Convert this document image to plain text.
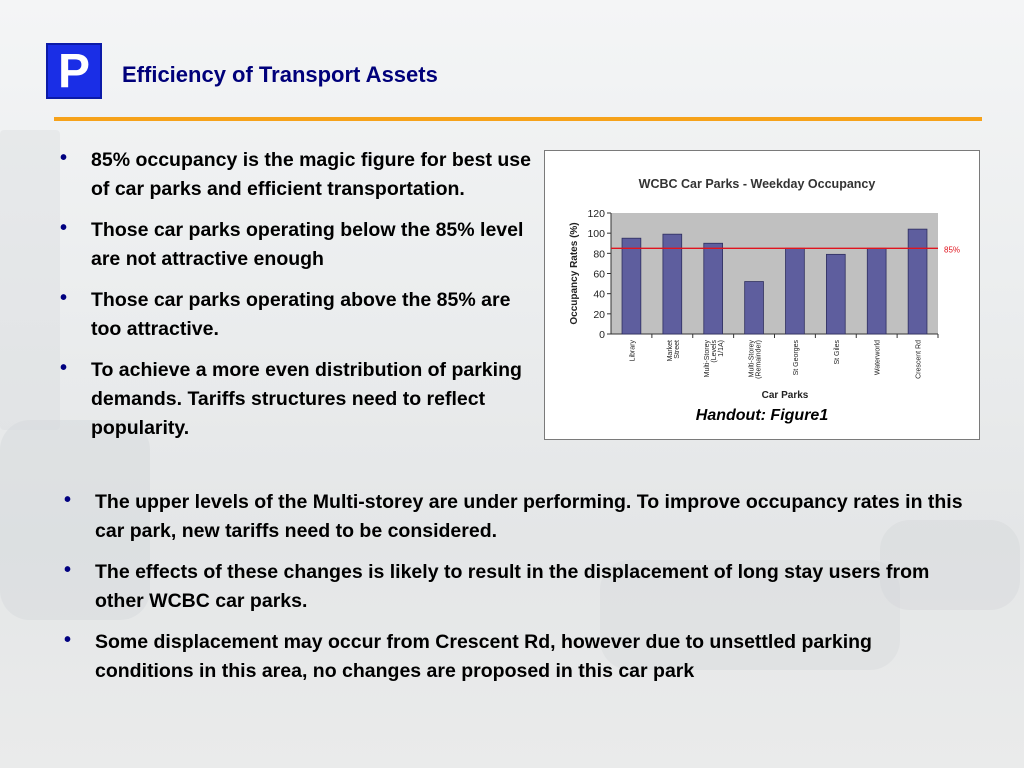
P	Efficiency of Transport Assets
• 85% occupancy is the magic figure for best use of car parks and efficient transportation.
• Those car parks operating below the 85% level are not attractive enough
• Those car parks operating above the 85% are too attractive.
• To achieve a more even distribution of parking demands. Tariffs structures need to reflect popularity.
WCBC Car Parks - Weekday Occupancy
0
20
40
60
80
100
120
Library	Market Street	Multi-Storey (Levels 1/1A)	Multi-Storey (Remainder)	St Georges	St Giles	Waterworld	Crescent Rd
85%
Car Parks
Occupancy Rates (%)
Handout: Figure1
• The upper levels of the Multi-storey are under performing. To improve occupancy rates in this car park, new tariffs need to be considered.
• The effects of these changes is likely to result in the displacement of long stay users from other WCBC car parks.
• Some displacement may occur from Crescent Rd, however due to unsettled parking conditions in this area, no changes are proposed in this car park
